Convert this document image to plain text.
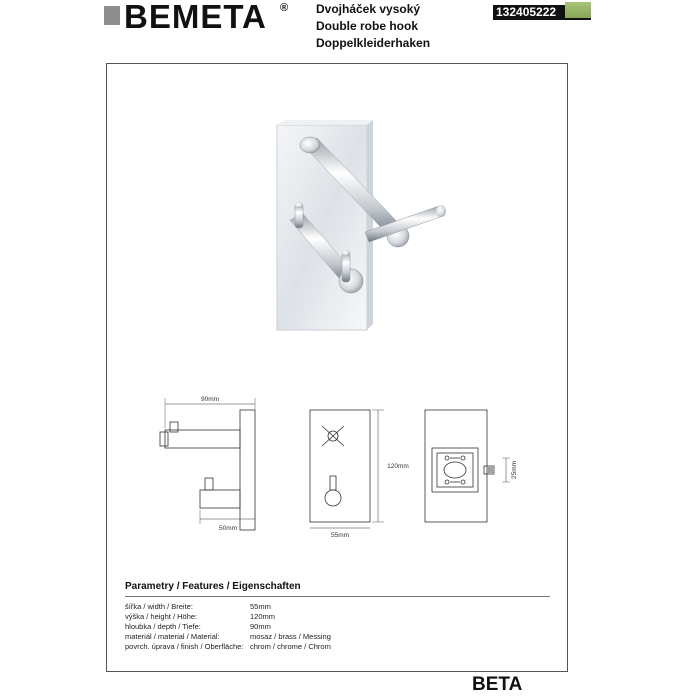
BEMETA ® Dvojháček vysoký
Double robe hook
Doppelkleiderhaken
132405222
90mm
50mm
55mm
120mm	25mm
Parametry / Features / Eigenschaften
šířka / width / Breite:	55mm
výška / height / Höhe:	120mm
hloubka / depth / Tiefe:	90mm
materiál / material / Material:	mosaz / brass / Messing
povrch. úprava / finish / Oberfläche: chrom / chrome / Chrom
BETA
